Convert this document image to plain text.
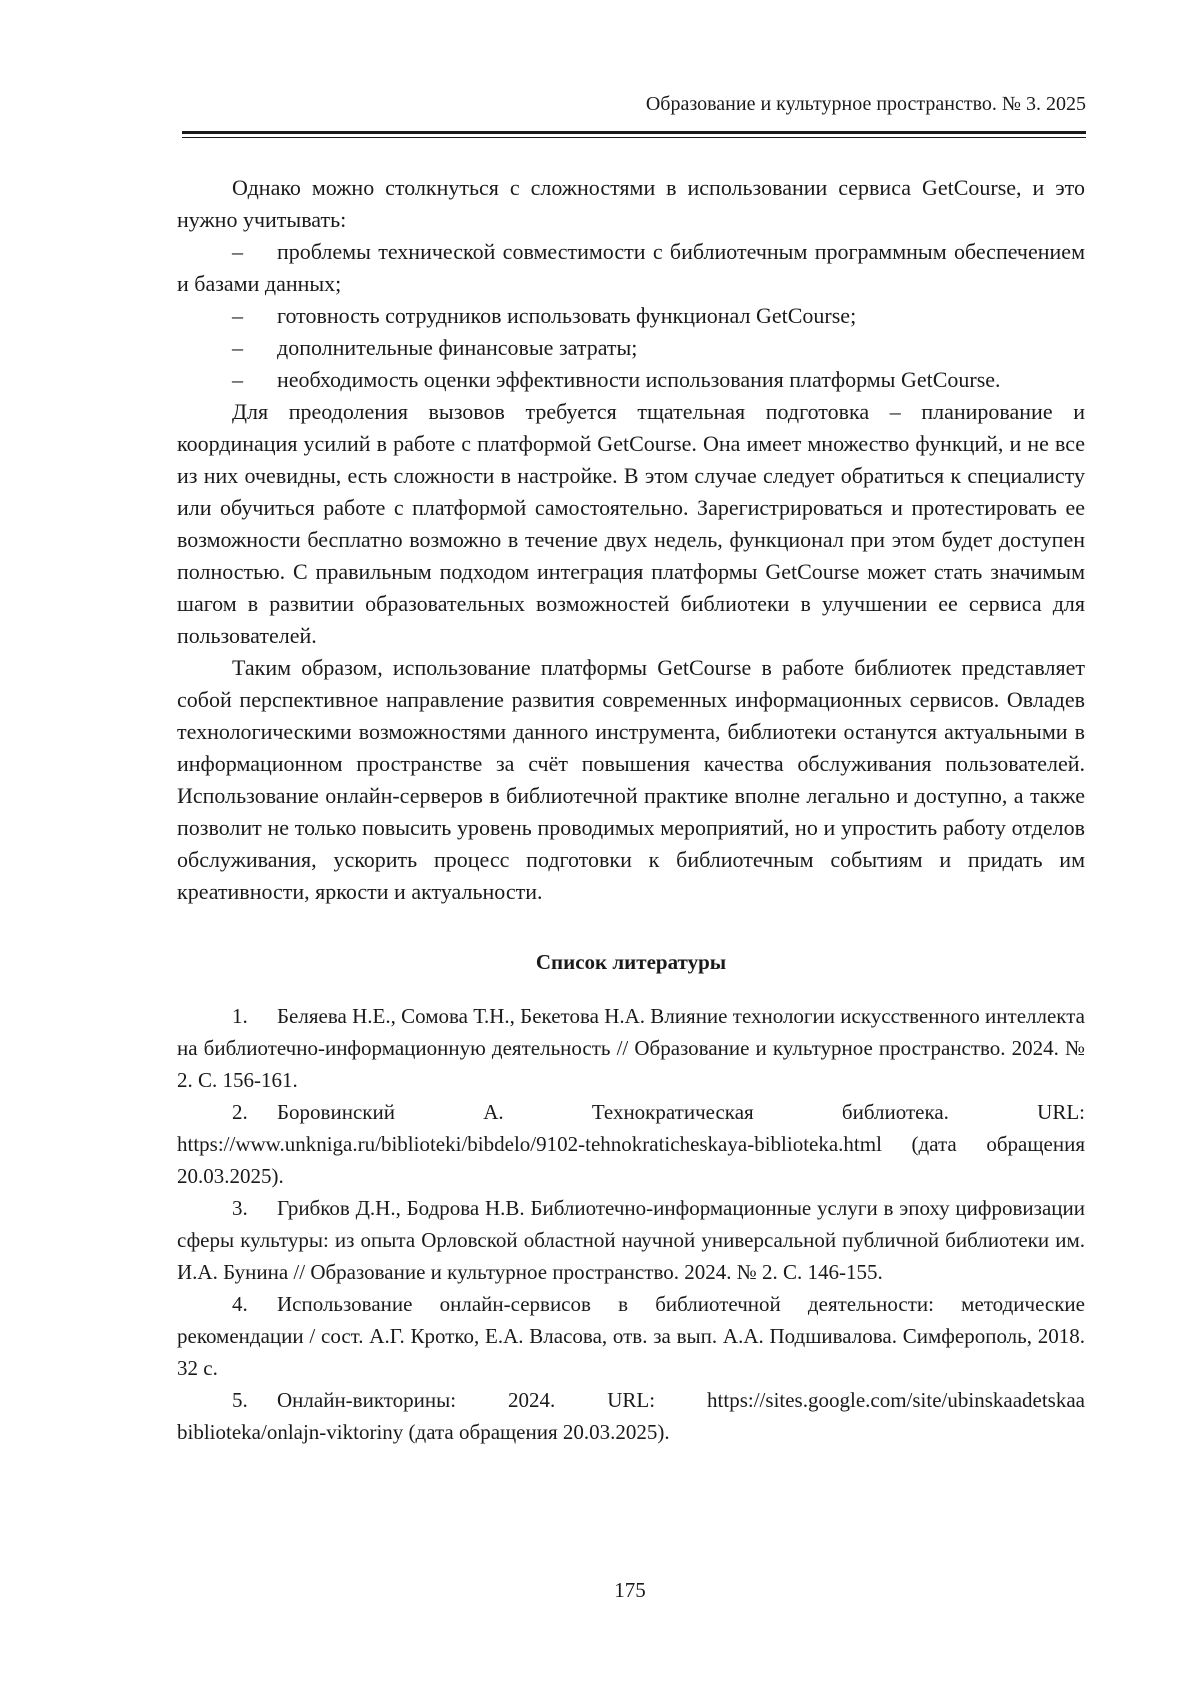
Образование и культурное пространство. № 3. 2025

Однако можно столкнуться с сложностями в использовании сервиса GetCourse, и это нужно учитывать:

– проблемы технической совместимости с библиотечным программным обеспечением и базами данных;

– готовность сотрудников использовать функционал GetCourse;

– дополнительные финансовые затраты;

– необходимость оценки эффективности использования платформы GetCourse.

Для преодоления вызовов требуется тщательная подготовка – планирование и координация усилий в работе с платформой GetCourse. Она имеет множество функций, и не все из них очевидны, есть сложности в настройке. В этом случае следует обратиться к специалисту или обучиться работе с платформой самостоятельно. Зарегистрироваться и протестировать ее возможности бесплатно возможно в течение двух недель, функционал при этом будет доступен полностью. С правильным подходом интеграция платформы GetCourse может стать значимым шагом в развитии образовательных возможностей библиотеки в улучшении ее сервиса для пользователей.

Таким образом, использование платформы GetCourse в работе библиотек представляет собой перспективное направление развития современных информационных сервисов. Овладев технологическими возможностями данного инструмента, библиотеки останутся актуальными в информационном пространстве за счёт повышения качества обслуживания пользователей. Использование онлайн-серверов в библиотечной практике вполне легально и доступно, а также позволит не только повысить уровень проводимых мероприятий, но и упростить работу отделов обслуживания, ускорить процесс подготовки к библиотечным событиям и придать им креативности, яркости и актуальности.

Список литературы

1. Беляева Н.Е., Сомова Т.Н., Бекетова Н.А. Влияние технологии искусственного интеллекта на библиотечно-информационную деятельность // Образование и культурное пространство. 2024. № 2. С. 156-161.

2. Боровинский А. Технократическая библиотека. URL: https://www.unkniga.ru/biblioteki/bibdelo/9102-tehnokraticheskaya-biblioteka.html (дата обращения 20.03.2025).

3. Грибков Д.Н., Бодрова Н.В. Библиотечно-информационные услуги в эпоху цифровизации сферы культуры: из опыта Орловской областной научной универсальной публичной библиотеки им. И.А. Бунина // Образование и культурное пространство. 2024. № 2. С. 146-155.

4. Использование онлайн-сервисов в библиотечной деятельности: методические рекомендации / сост. А.Г. Кротко, Е.А. Власова, отв. за вып. А.А. Подшивалова. Симферополь, 2018. 32 с.

5. Онлайн-викторины: 2024. URL: https://sites.google.com/site/ubinskaadetskaa biblioteka/onlajn-viktoriny (дата обращения 20.03.2025).

175
